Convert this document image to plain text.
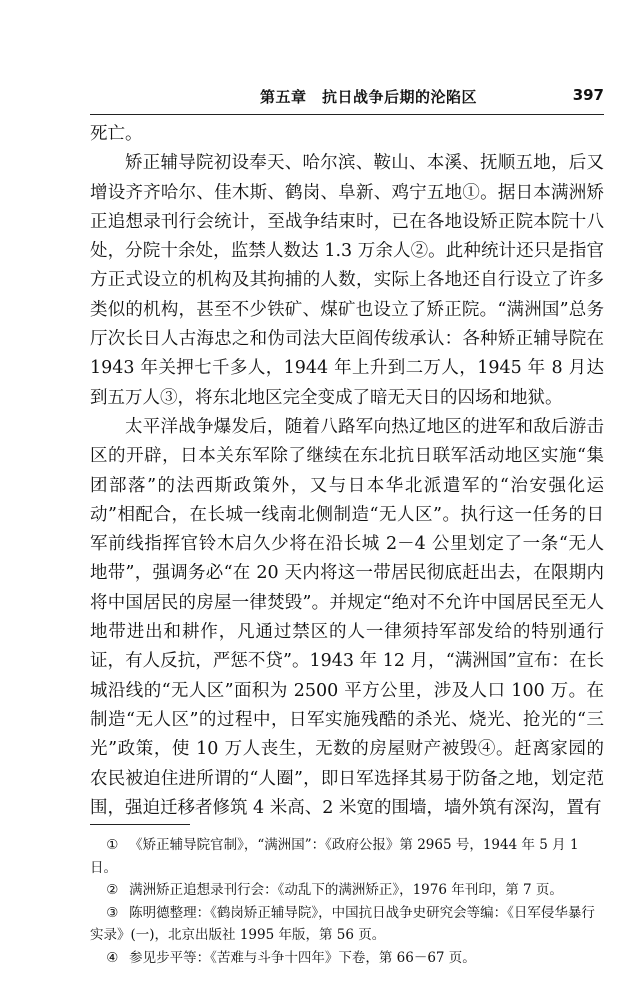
第五章　抗日战争后期的沦陷区	397

死亡。

矫正辅导院初设奉天、哈尔滨、鞍山、本溪、抚顺五地，后又增设齐齐哈尔、佳木斯、鹤岗、阜新、鸡宁五地①。据日本满洲矫正追想录刊行会统计，至战争结束时，已在各地设矫正院本院十八处，分院十余处，监禁人数达 1.3 万余人②。此种统计还只是指官方正式设立的机构及其拘捕的人数，实际上各地还自行设立了许多类似的机构，甚至不少铁矿、煤矿也设立了矫正院。“满洲国”总务厅次长日人古海忠之和伪司法大臣阎传绂承认：各种矫正辅导院在 1943 年关押七千多人，1944 年上升到二万人，1945 年 8 月达到五万人③，将东北地区完全变成了暗无天日的囚场和地狱。

太平洋战争爆发后，随着八路军向热辽地区的进军和敌后游击区的开辟，日本关东军除了继续在东北抗日联军活动地区实施“集团部落”的法西斯政策外，又与日本华北派遣军的“治安强化运动”相配合，在长城一线南北侧制造“无人区”。执行这一任务的日军前线指挥官铃木启久少将在沿长城 2－4 公里划定了一条“无人地带”，强调务必“在 20 天内将这一带居民彻底赶出去，在限期内将中国居民的房屋一律焚毁”。并规定“绝对不允许中国居民至无人地带进出和耕作，凡通过禁区的人一律须持军部发给的特别通行证，有人反抗，严惩不贷”。1943 年 12 月，“满洲国”宣布：在长城沿线的“无人区”面积为 2500 平方公里，涉及人口 100 万。在制造“无人区”的过程中，日军实施残酷的杀光、烧光、抢光的“三光”政策，使 10 万人丧生，无数的房屋财产被毁④。赶离家园的农民被迫住进所谓的“人圈”，即日军选择其易于防备之地，划定范围，强迫迁移者修筑 4 米高、2 米宽的围墙，墙外筑有深沟，置有

① 《矫正辅导院官制》，“满洲国”：《政府公报》第 2965 号，1944 年 5 月 1 日。

② 满洲矫正追想录刊行会：《动乱下的满洲矫正》，1976 年刊印，第 7 页。

③ 陈明德整理：《鹤岗矫正辅导院》，中国抗日战争史研究会等编：《日军侵华暴行实录》(一)，北京出版社 1995 年版，第 56 页。

④ 参见步平等：《苦难与斗争十四年》下卷，第 66－67 页。
